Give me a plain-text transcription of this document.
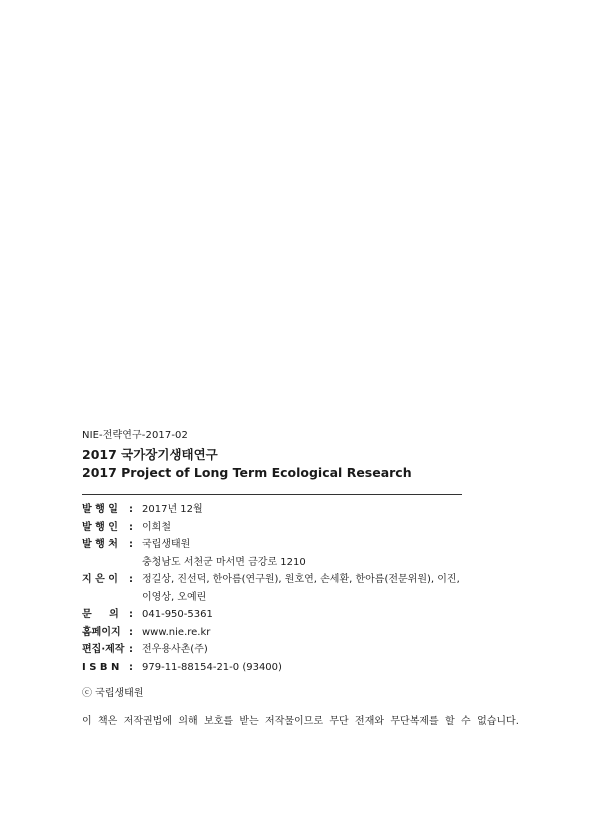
NIE-전략연구-2017-02
2017 국가장기생태연구
2017 Project of Long Term Ecological Research
발 행 일	: 2017년 12월
발 행 인	: 이희철
발 행 처	: 국립생태원
충청남도 서천군 마서면 금강로 1210
지 은 이	: 정길상, 진선덕, 한아름(연구원), 원호연, 손세환, 한아름(전문위원), 이진,
이영상, 오예린
문     의	: 041-950-5361
홈페이지 : www.nie.re.kr
편집·제작 : 전우용사촌(주)
I S B N : 979-11-88154-21-0 (93400)
ⓒ 국립생태원
이  책은  저작권법에  의해  보호를  받는  저작물이므로  무단  전재와  무단복제를  할  수  없습니다.
